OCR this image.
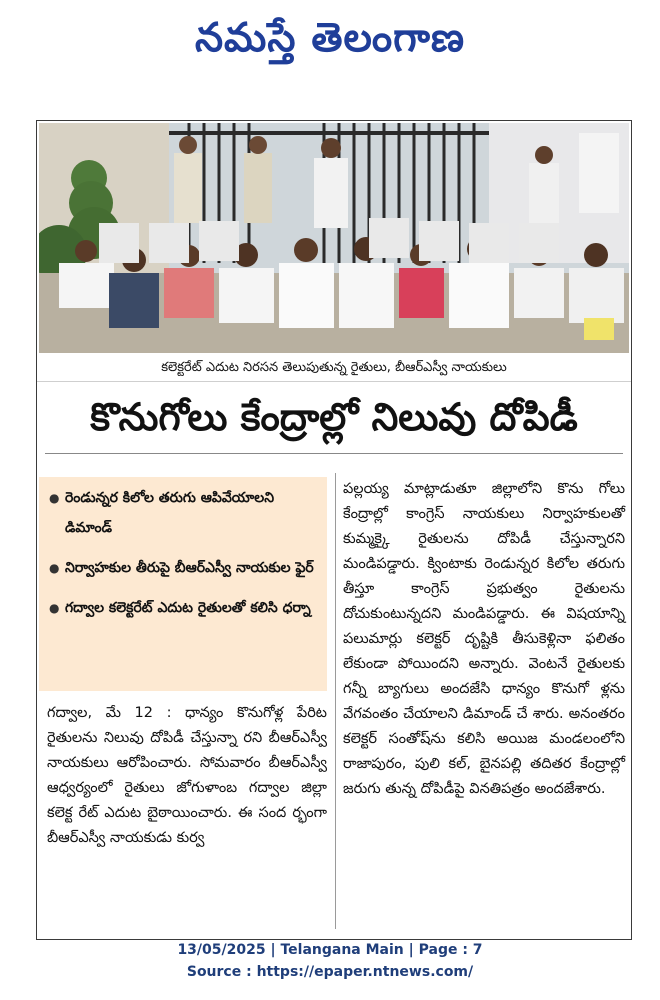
నమస్తే తెలంగాణ
కలెక్టరేట్ ఎదుట నిరసన తెలుపుతున్న రైతులు, బీఆర్ఎస్వీ నాయకులు
కొనుగోలు కేంద్రాల్లో నిలువు దోపిడీ
● రెండున్నర కిలోల తరుగు ఆపివేయాలని డిమాండ్
● నిర్వాహకుల తీరుపై బీఆర్ఎస్వీ నాయకుల ఫైర్
● గద్వాల కలెక్టరేట్ ఎదుట రైతులతో కలిసి ధర్నా
గద్వాల, మే 12 : ధాన్యం కొనుగోళ్ల పేరిట రైతులను నిలువు దోపిడీ చేస్తున్నా రని బీఆర్ఎస్వీ నాయకులు ఆరోపించారు. సోమవారం బీఆర్ఎస్వీ ఆధ్వర్యంలో రైతులు జోగుళాంబ గద్వాల జిల్లా కలెక్ట రేట్ ఎదుట బైఠాయించారు. ఈ సంద ర్భంగా బీఆర్ఎస్వీ నాయకుడు కుర్వ
పల్లయ్య మాట్లాడుతూ జిల్లాలోని కొను గోలు కేంద్రాల్లో కాంగ్రెస్ నాయకులు నిర్వాహకులతో కుమ్మక్కై రైతులను దోపిడీ చేస్తున్నారని మండిపడ్డారు. క్వింటాకు రెండున్నర కిలోల తరుగు తీస్తూ కాంగ్రెస్ ప్రభుత్వం రైతులను దోచుకుంటున్నదని మండిపడ్డారు. ఈ విషయాన్ని పలుమార్లు కలెక్టర్ దృష్టికి తీసుకెళ్లినా ఫలితం లేకుండా పోయిందని అన్నారు. వెంటనే రైతులకు గన్నీ బ్యాగులు అందజేసి ధాన్యం కొనుగో ళ్లను వేగవంతం చేయాలని డిమాండ్ చే శారు. అనంతరం కలెక్టర్ సంతోష్‌ను కలిసి అయిజ మండలంలోని రాజాపురం, పులి కల్, బైనపల్లి తదితర కేంద్రాల్లో జరుగు తున్న దోపిడీపై వినతిపత్రం అందజేశారు.
13/05/2025 | Telangana Main | Page : 7
Source : https://epaper.ntnews.com/
